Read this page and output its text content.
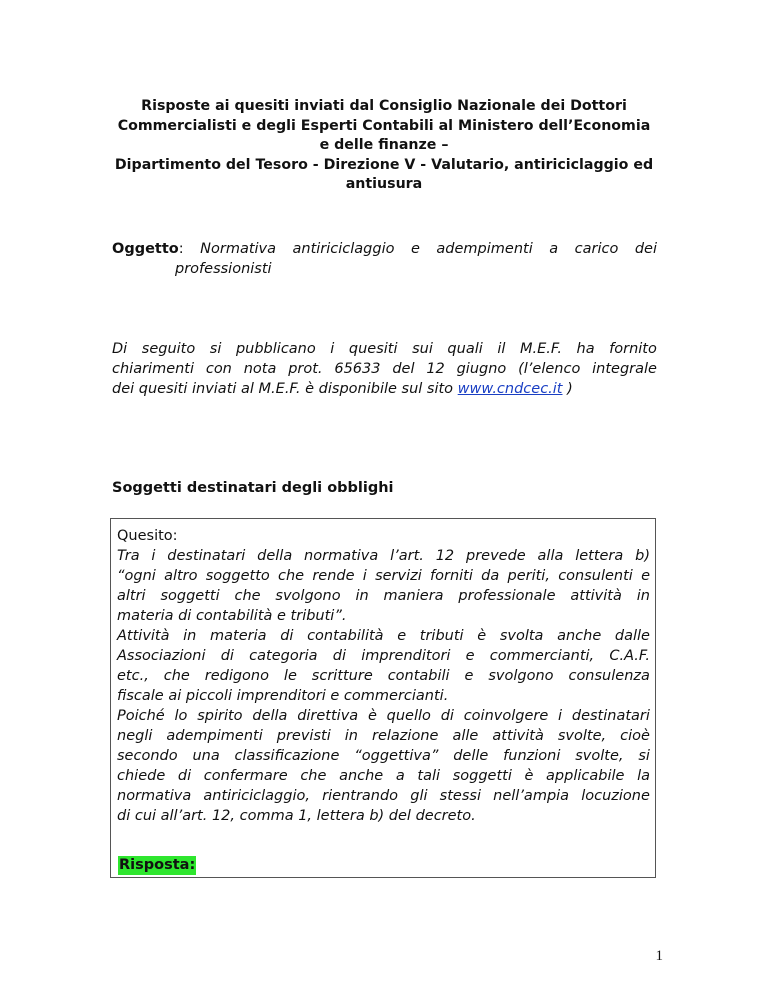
Risposte ai quesiti inviati dal Consiglio Nazionale dei Dottori
Commercialisti e degli Esperti Contabili al Ministero dell’Economia
e delle finanze –
Dipartimento del Tesoro - Direzione V - Valutario, antiriciclaggio ed
antiusura
Oggetto: Normativa antiriciclaggio e adempimenti a carico dei
professionisti
Di seguito si pubblicano i quesiti sui quali il M.E.F. ha fornito
chiarimenti con nota prot. 65633 del 12 giugno (l’elenco integrale
dei quesiti inviati al M.E.F. è disponibile sul sito www.cndcec.it )
Soggetti destinatari degli obblighi
Quesito:
Tra i destinatari della normativa l’art. 12 prevede alla lettera b)
“ogni altro soggetto che rende i servizi forniti da periti, consulenti e
altri soggetti che svolgono in maniera professionale attività in
materia di contabilità e tributi”.
Attività in materia di contabilità e tributi è svolta anche dalle
Associazioni di categoria di imprenditori e commercianti, C.A.F.
etc., che redigono le scritture contabili e svolgono consulenza
fiscale ai piccoli imprenditori e commercianti.
Poiché lo spirito della direttiva è quello di coinvolgere i destinatari
negli adempimenti previsti in relazione alle attività svolte, cioè
secondo una classificazione “oggettiva” delle funzioni svolte, si
chiede di confermare che anche a tali soggetti è applicabile la
normativa antiriciclaggio, rientrando gli stessi nell’ampia locuzione
di cui all’art. 12, comma 1, lettera b) del decreto.
Risposta:
1
